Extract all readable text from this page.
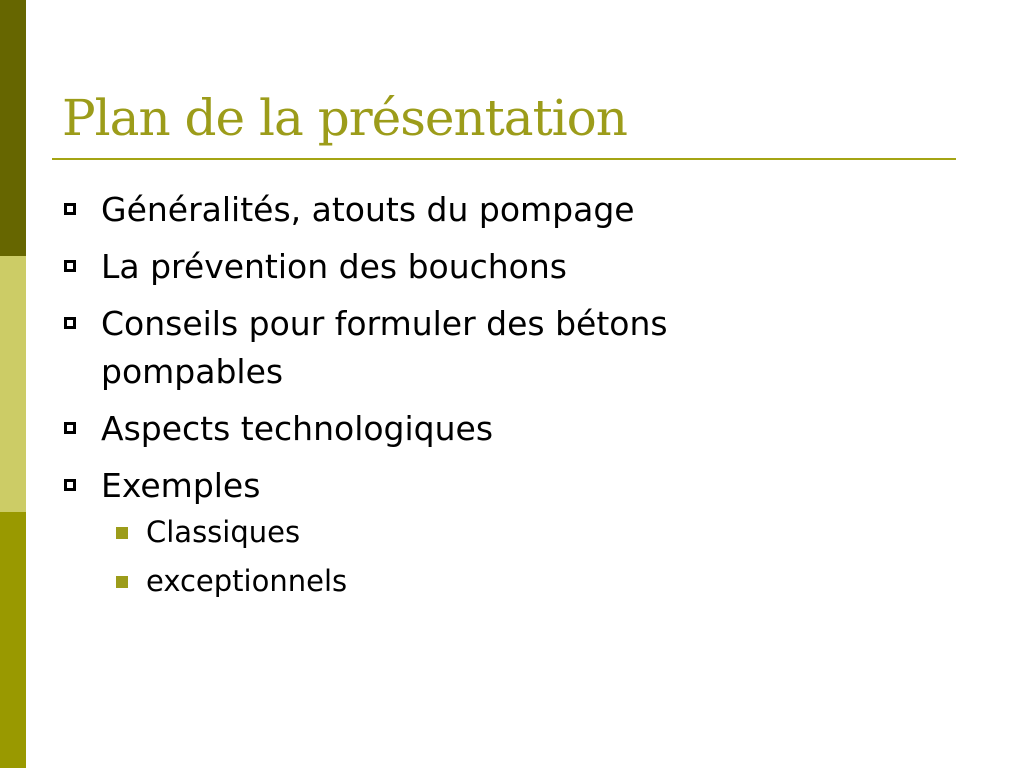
Plan de la présentation
Généralités, atouts du pompage
La prévention des bouchons
Conseils pour formuler des bétons pompables
Aspects technologiques
Exemples
Classiques
exceptionnels
